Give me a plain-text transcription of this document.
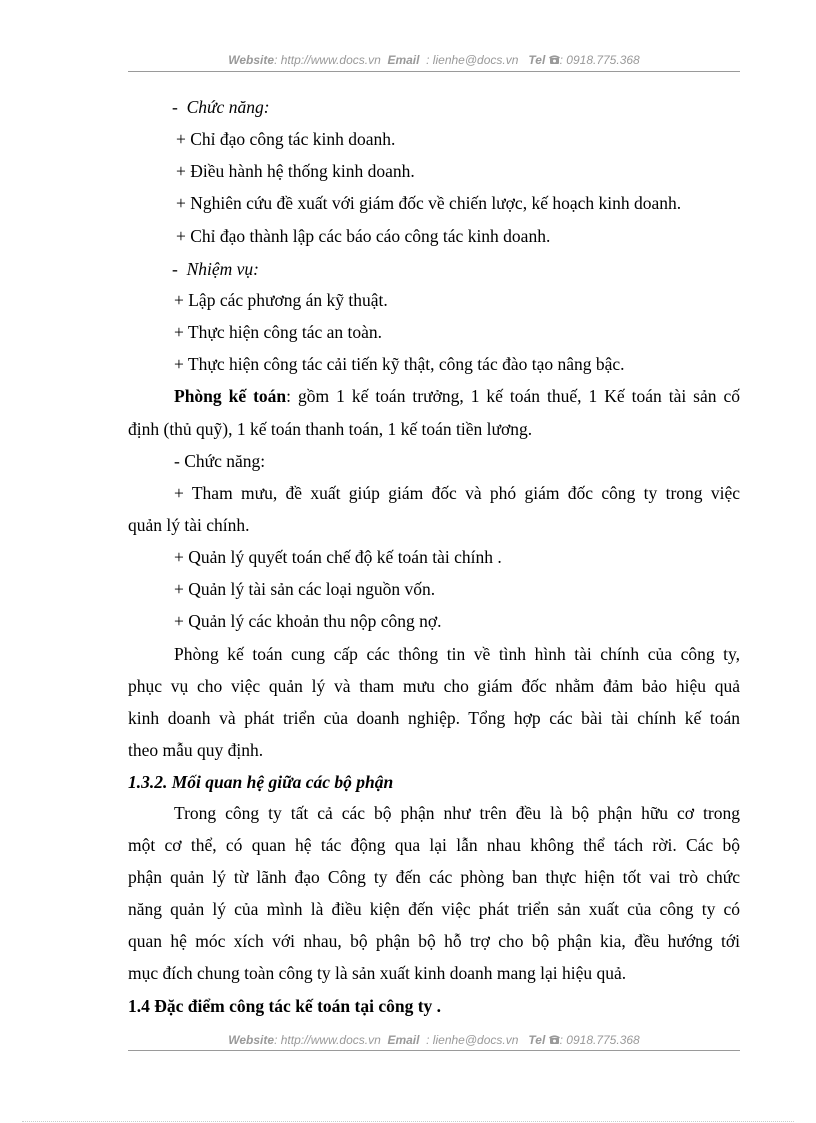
Website: http://www.docs.vn Email : lienhe@docs.vn Tel : 0918.775.368
- Chức năng:
+ Chỉ đạo công tác kinh doanh.
+ Điều hành hệ thống kinh doanh.
+ Nghiên cứu đề xuất với giám đốc về chiến lược, kế hoạch kinh doanh.
+ Chỉ đạo thành lập các báo cáo công tác kinh doanh.
- Nhiệm vụ:
+ Lập các phương án kỹ thuật.
+ Thực hiện công tác an toàn.
+ Thực hiện công tác cải tiến kỹ thật, công tác đào tạo nâng bậc.
Phòng kế toán: gồm 1 kế toán trưởng, 1 kế toán thuế, 1 Kế toán tài sản cố
định (thủ quỹ), 1 kế toán thanh toán, 1 kế toán tiền lương.
- Chức năng:
+ Tham mưu, đề xuất giúp giám đốc và phó giám đốc công ty trong việc
quản lý tài chính.
+ Quản lý quyết toán chế độ kế toán tài chính .
+ Quản lý tài sản các loại nguồn vốn.
+ Quản lý các khoản thu nộp công nợ.
Phòng kế toán cung cấp các thông tin về tình hình tài chính của công ty,
phục vụ cho việc quản lý và tham mưu cho giám đốc nhằm đảm bảo hiệu quả
kinh doanh và phát triển của doanh nghiệp. Tổng hợp các bài tài chính kế toán
theo mẫu quy định.
1.3.2. Mối quan hệ giữa các bộ phận
Trong công ty tất cả các bộ phận như trên đều là bộ phận hữu cơ trong
một cơ thể, có quan hệ tác động qua lại lẫn nhau không thể tách rời. Các bộ
phận quản lý từ lãnh đạo Công ty đến các phòng ban thực hiện tốt vai trò chức
năng quản lý của mình là điều kiện đến việc phát triển sản xuất của công ty có
quan hệ móc xích với nhau, bộ phận bộ hỗ trợ cho bộ phận kia, đều hướng tới
mục đích chung toàn công ty là sản xuất kinh doanh mang lại hiệu quả.
1.4 Đặc điểm công tác kế toán tại công ty .
Website: http://www.docs.vn Email : lienhe@docs.vn Tel : 0918.775.368
